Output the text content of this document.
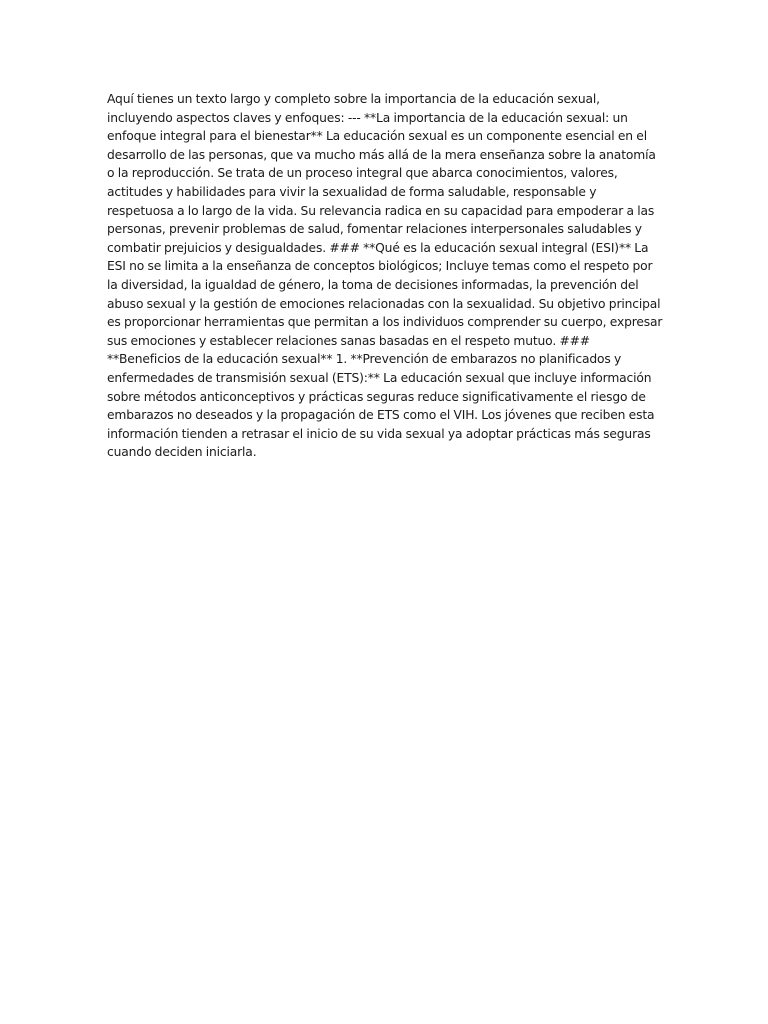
Aquí tienes un texto largo y completo sobre la importancia de la educación sexual, incluyendo aspectos claves y enfoques: --- **La importancia de la educación sexual: un enfoque integral para el bienestar** La educación sexual es un componente esencial en el desarrollo de las personas, que va mucho más allá de la mera enseñanza sobre la anatomía o la reproducción. Se trata de un proceso integral que abarca conocimientos, valores, actitudes y habilidades para vivir la sexualidad de forma saludable, responsable y respetuosa a lo largo de la vida. Su relevancia radica en su capacidad para empoderar a las personas, prevenir problemas de salud, fomentar relaciones interpersonales saludables y combatir prejuicios y desigualdades. ### **Qué es la educación sexual integral (ESI)** La ESI no se limita a la enseñanza de conceptos biológicos; Incluye temas como el respeto por la diversidad, la igualdad de género, la toma de decisiones informadas, la prevención del abuso sexual y la gestión de emociones relacionadas con la sexualidad. Su objetivo principal es proporcionar herramientas que permitan a los individuos comprender su cuerpo, expresar sus emociones y establecer relaciones sanas basadas en el respeto mutuo. ### **Beneficios de la educación sexual** 1. **Prevención de embarazos no planificados y enfermedades de transmisión sexual (ETS):** La educación sexual que incluye información sobre métodos anticonceptivos y prácticas seguras reduce significativamente el riesgo de embarazos no deseados y la propagación de ETS como el VIH. Los jóvenes que reciben esta información tienden a retrasar el inicio de su vida sexual ya adoptar prácticas más seguras cuando deciden iniciarla.
